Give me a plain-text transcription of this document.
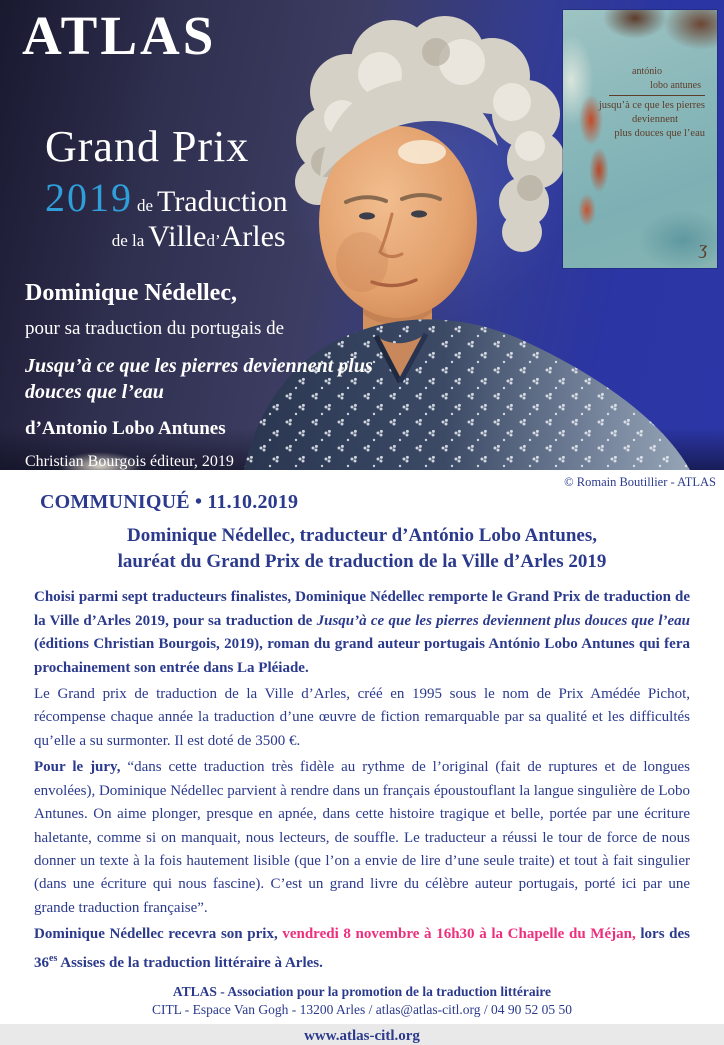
ATLAS
Grand Prix
2019 de Traduction
de la Villed’Arles
Dominique Nédellec,
pour sa traduction du portugais de
Jusqu’à ce que les pierres deviennent plus douces que l’eau
d’Antonio Lobo Antunes
Christian Bourgois éditeur, 2019
antónio
lobo antunes
jusqu’à ce que les pierres
deviennent
plus douces que l’eau
ʒ
© Romain Boutillier - ATLAS
COMMUNIQUÉ • 11.10.2019
Dominique Nédellec, traducteur d’António Lobo Antunes,
lauréat du Grand Prix de traduction de la Ville d’Arles 2019

Choisi parmi sept traducteurs finalistes, Dominique Nédellec remporte le Grand Prix de traduction de la Ville d’Arles 2019, pour sa traduction de Jusqu’à ce que les pierres deviennent plus douces que l’eau (éditions Christian Bourgois, 2019), roman du grand auteur portugais António Lobo Antunes qui fera prochainement son entrée dans La Pléiade.

Le Grand prix de traduction de la Ville d’Arles, créé en 1995 sous le nom de Prix Amédée Pichot, récompense chaque année la traduction d’une œuvre de fiction remarquable par sa qualité et les difficultés qu’elle a su surmonter. Il est doté de 3500 €.

Pour le jury, “dans cette traduction très fidèle au rythme de l’original (fait de ruptures et de longues envolées), Dominique Nédellec parvient à rendre dans un français époustouflant la langue singulière de Lobo Antunes. On aime plonger, presque en apnée, dans cette histoire tragique et belle, portée par une écriture haletante, comme si on manquait, nous lecteurs, de souffle. Le traducteur a réussi le tour de force de nous donner un texte à la fois hautement lisible (que l’on a envie de lire d’une seule traite) et tout à fait singulier (dans une écriture qui nous fascine). C’est un grand livre du célèbre auteur portugais, porté ici par une grande traduction française”.

Dominique Nédellec recevra son prix, vendredi 8 novembre à 16h30 à la Chapelle du Méjan, lors des $36^{es}$ Assises de la traduction littéraire à Arles.

ATLAS - Association pour la promotion de la traduction littéraire
CITL - Espace Van Gogh - 13200 Arles / atlas@atlas-citl.org / 04 90 52 05 50
www.atlas-citl.org
